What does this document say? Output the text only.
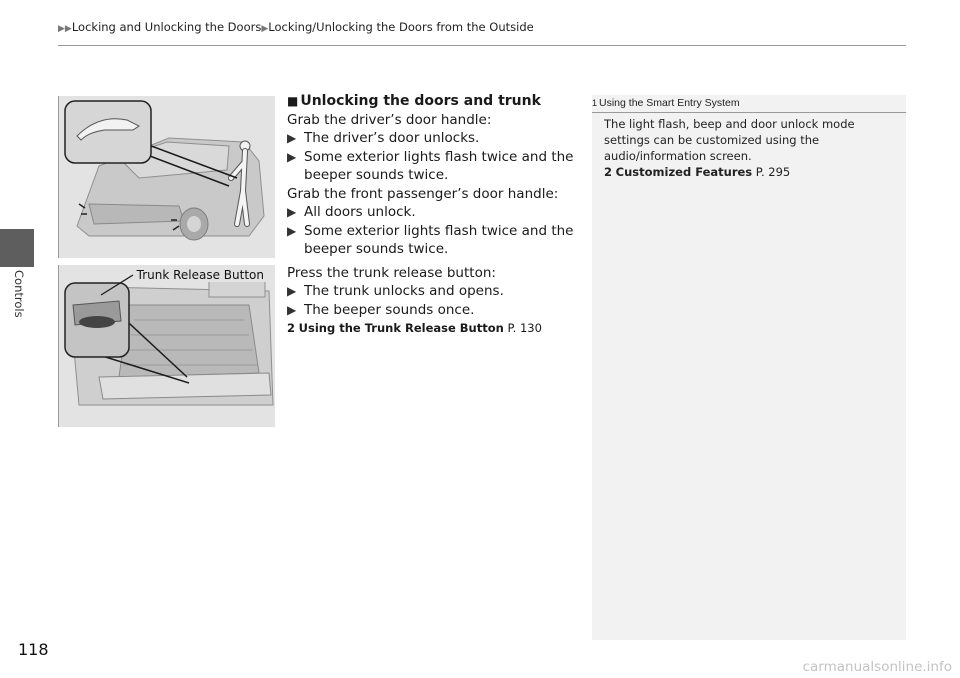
▶▶Locking and Unlocking the Doors▶Locking/Unlocking the Doors from the Outside
Controls
118
Trunk Release Button

■ Unlocking the doors and trunk

Grab the driver’s door handle:

▶ The driver’s door unlocks.

▶ Some exterior lights flash twice and the beeper sounds twice.

Grab the front passenger’s door handle:

▶ All doors unlock.

▶ Some exterior lights flash twice and the beeper sounds twice.

Press the trunk release button:

▶ The trunk unlocks and opens.

▶ The beeper sounds once.

2 Using the Trunk Release Button P. 130

1 Using the Smart Entry System

The light flash, beep and door unlock mode settings can be customized using the audio/information screen.

2 Customized Features P. 295

carmanualsonline.info
